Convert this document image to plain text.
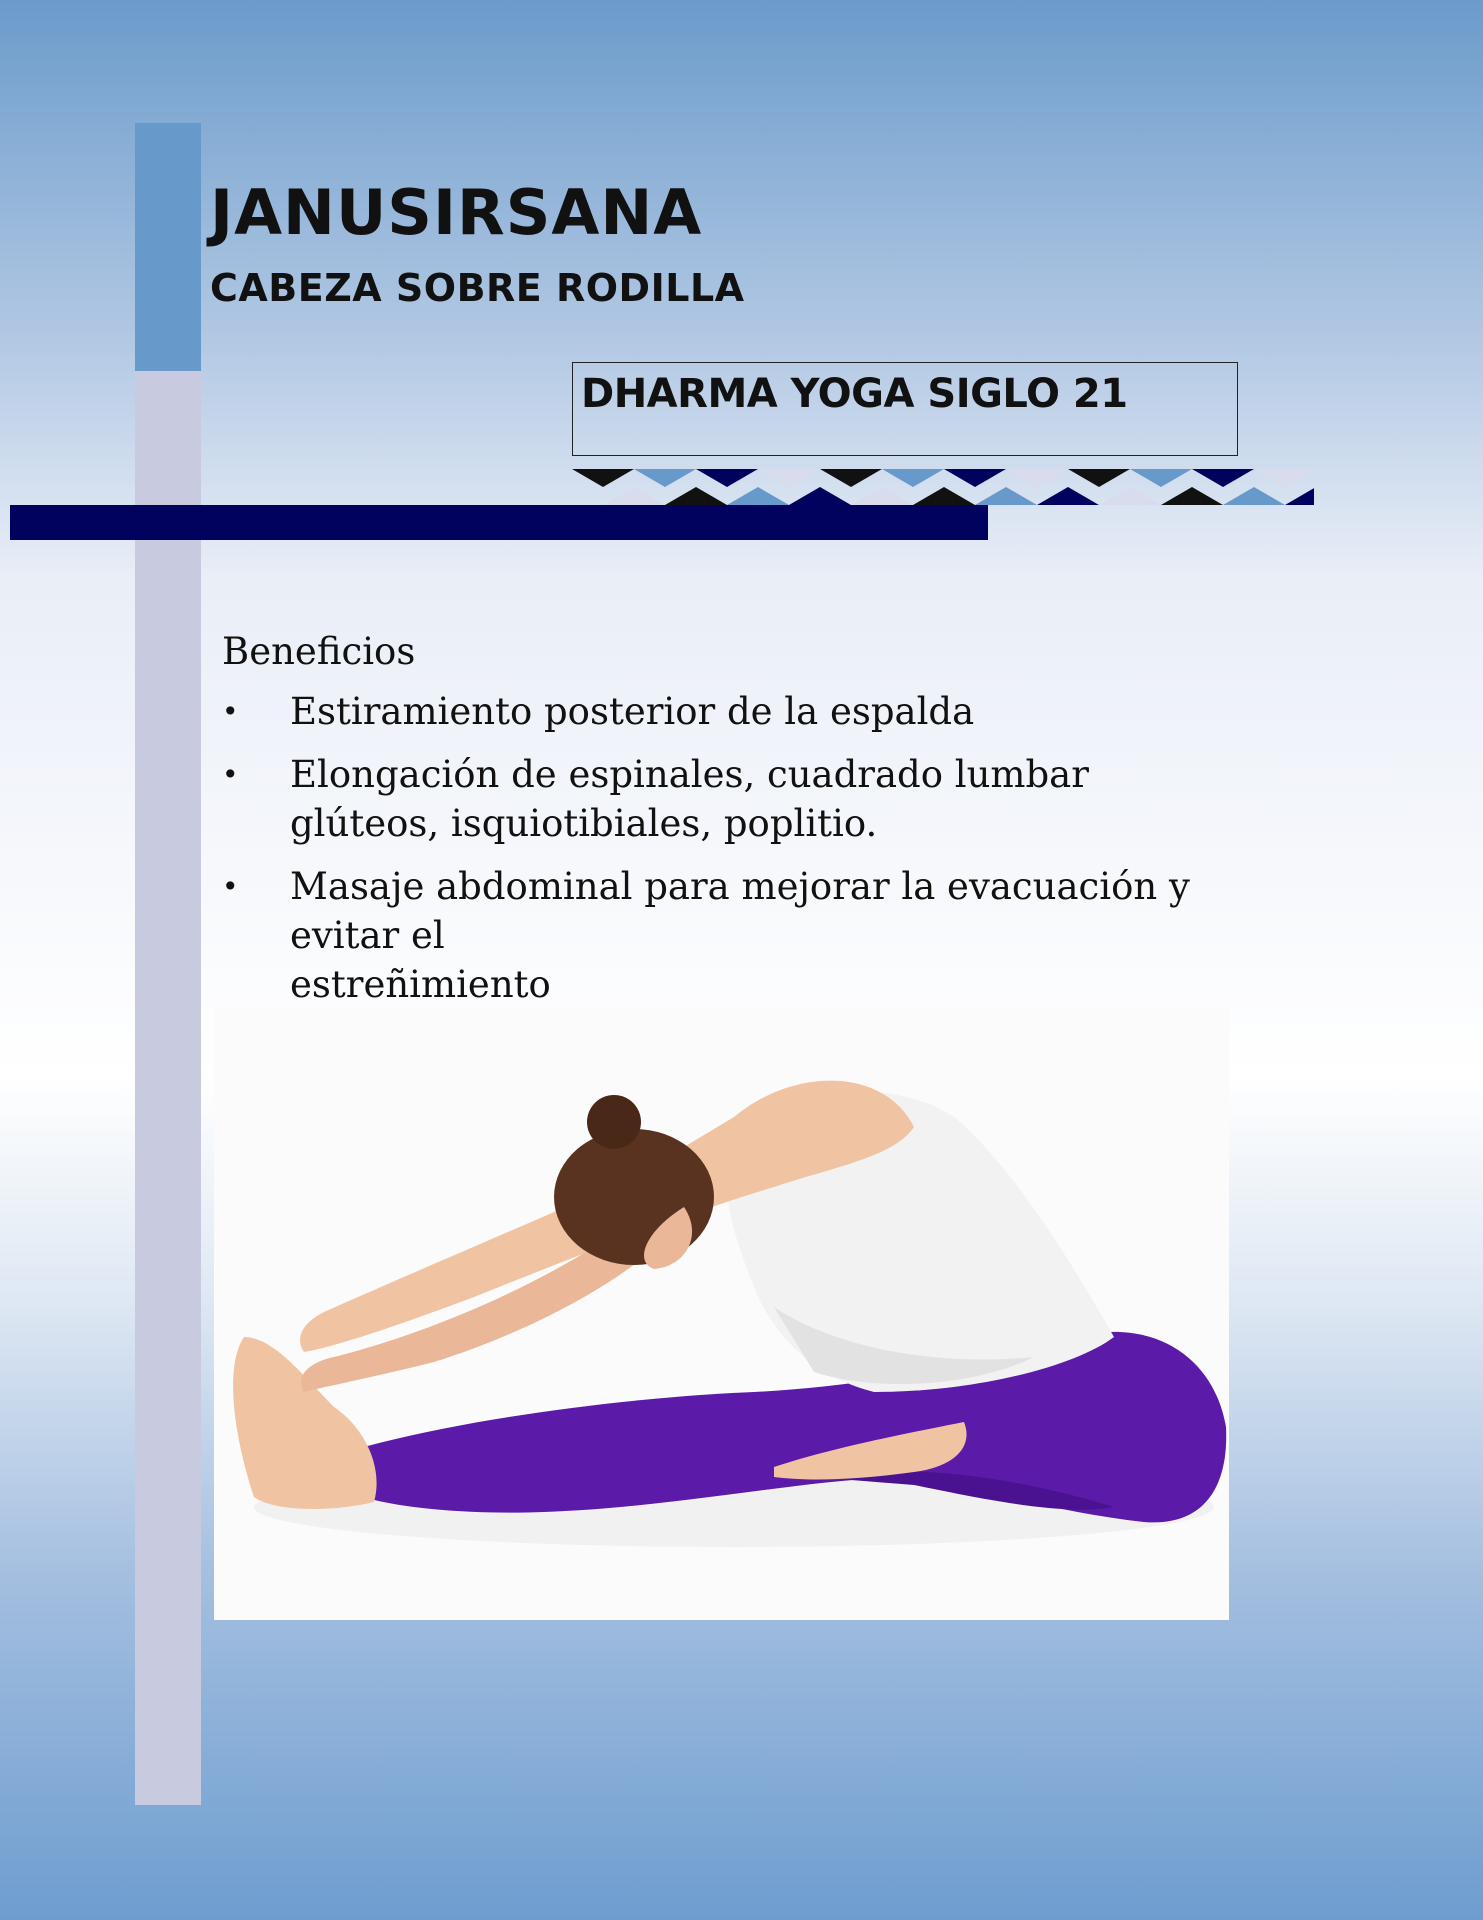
JANUSIRSANA
CABEZA SOBRE RODILLA
DHARMA YOGA SIGLO 21
Beneficios
• Estiramiento posterior de la espalda
• Elongación de espinales, cuadrado lumbar
glúteos, isquiotibiales, poplitio.
• Masaje abdominal para mejorar la evacuación y evitar el
estreñimiento
